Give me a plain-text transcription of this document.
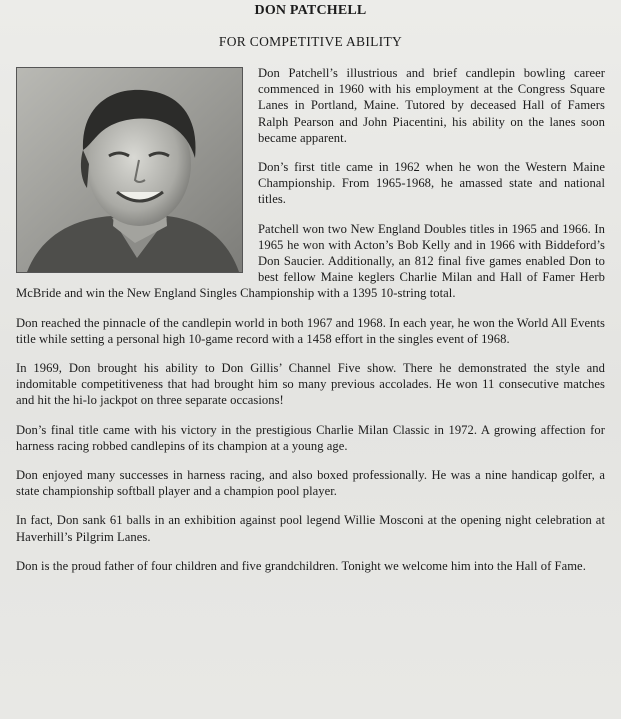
DON PATCHELL
FOR COMPETITIVE ABILITY

Don Patchell’s illustrious and brief candlepin bowling career commenced in 1960 with his employment at the Congress Square Lanes in Portland, Maine. Tutored by deceased Hall of Famers Ralph Pearson and John Piacentini, his ability on the lanes soon became apparent.

Don’s first title came in 1962 when he won the Western Maine Championship. From 1965-1968, he amassed state and national titles.

Patchell won two New England Doubles titles in 1965 and 1966. In 1965 he won with Acton’s Bob Kelly and in 1966 with Biddeford’s Don Saucier. Additionally, an 812 final five games enabled Don to best fellow Maine keglers Charlie Milan and Hall of Famer Herb McBride and win the New England Singles Championship with a 1395 10-string total.

Don reached the pinnacle of the candlepin world in both 1967 and 1968. In each year, he won the World All Events title while setting a personal high 10-game record with a 1458 effort in the singles event of 1968.

In 1969, Don brought his ability to Don Gillis’ Channel Five show. There he demonstrated the style and indomitable competitiveness that had brought him so many previous accolades. He won 11 consecutive matches and hit the hi-lo jackpot on three separate occasions!

Don’s final title came with his victory in the prestigious Charlie Milan Classic in 1972. A growing affection for harness racing robbed candlepins of its champion at a young age.

Don enjoyed many successes in harness racing, and also boxed professionally. He was a nine handicap golfer, a state championship softball player and a champion pool player.

In fact, Don sank 61 balls in an exhibition against pool legend Willie Mosconi at the opening night celebration at Haverhill’s Pilgrim Lanes.

Don is the proud father of four children and five grandchildren. Tonight we welcome him into the Hall of Fame.
